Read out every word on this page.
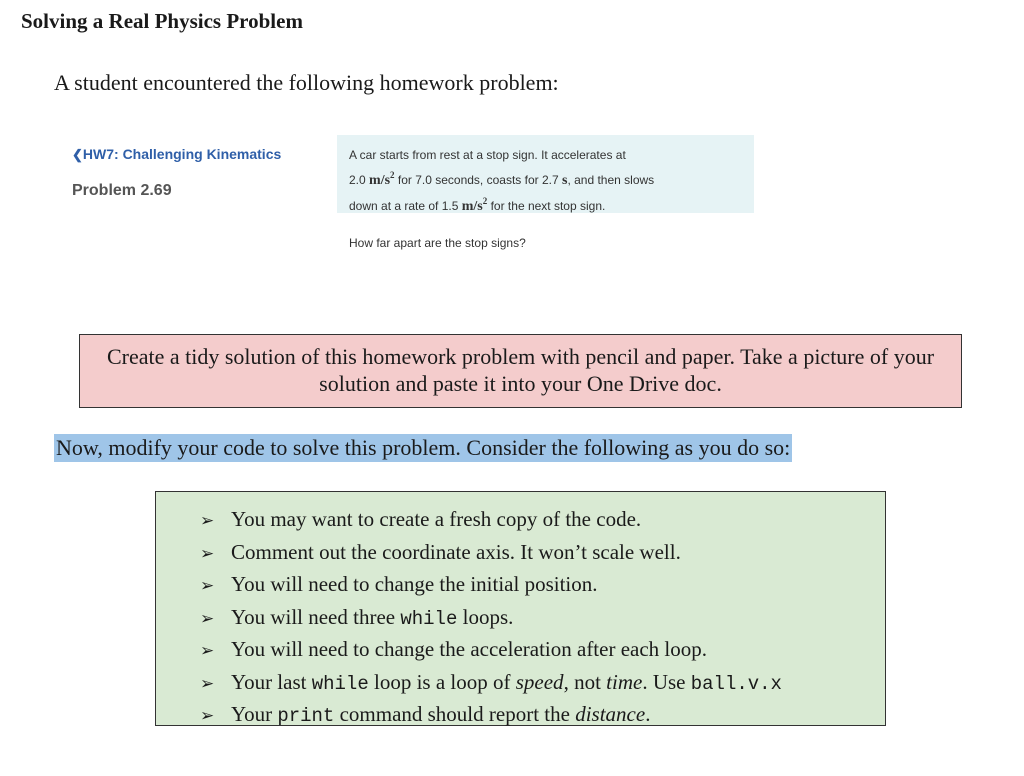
Solving a Real Physics Problem
A student encountered the following homework problem:
❮HW7: Challenging Kinematics
Problem 2.69
A car starts from rest at a stop sign. It accelerates at
2.0 $m/s^2$ for 7.0 seconds, coasts for 2.7 s, and then slows
down at a rate of 1.5 $m/s^2$ for the next stop sign.
How far apart are the stop signs?
Create a tidy solution of this homework problem with pencil and paper. Take a picture of your solution and paste it into your One Drive doc.
Now, modify your code to solve this problem. Consider the following as you do so:
➢ You may want to create a fresh copy of the code.
➢ Comment out the coordinate axis. It won’t scale well.
➢ You will need to change the initial position.
➢ You will need three while loops.
➢ You will need to change the acceleration after each loop.
➢ Your last while loop is a loop of speed, not time. Use ball.v.x
➢ Your print command should report the distance.
